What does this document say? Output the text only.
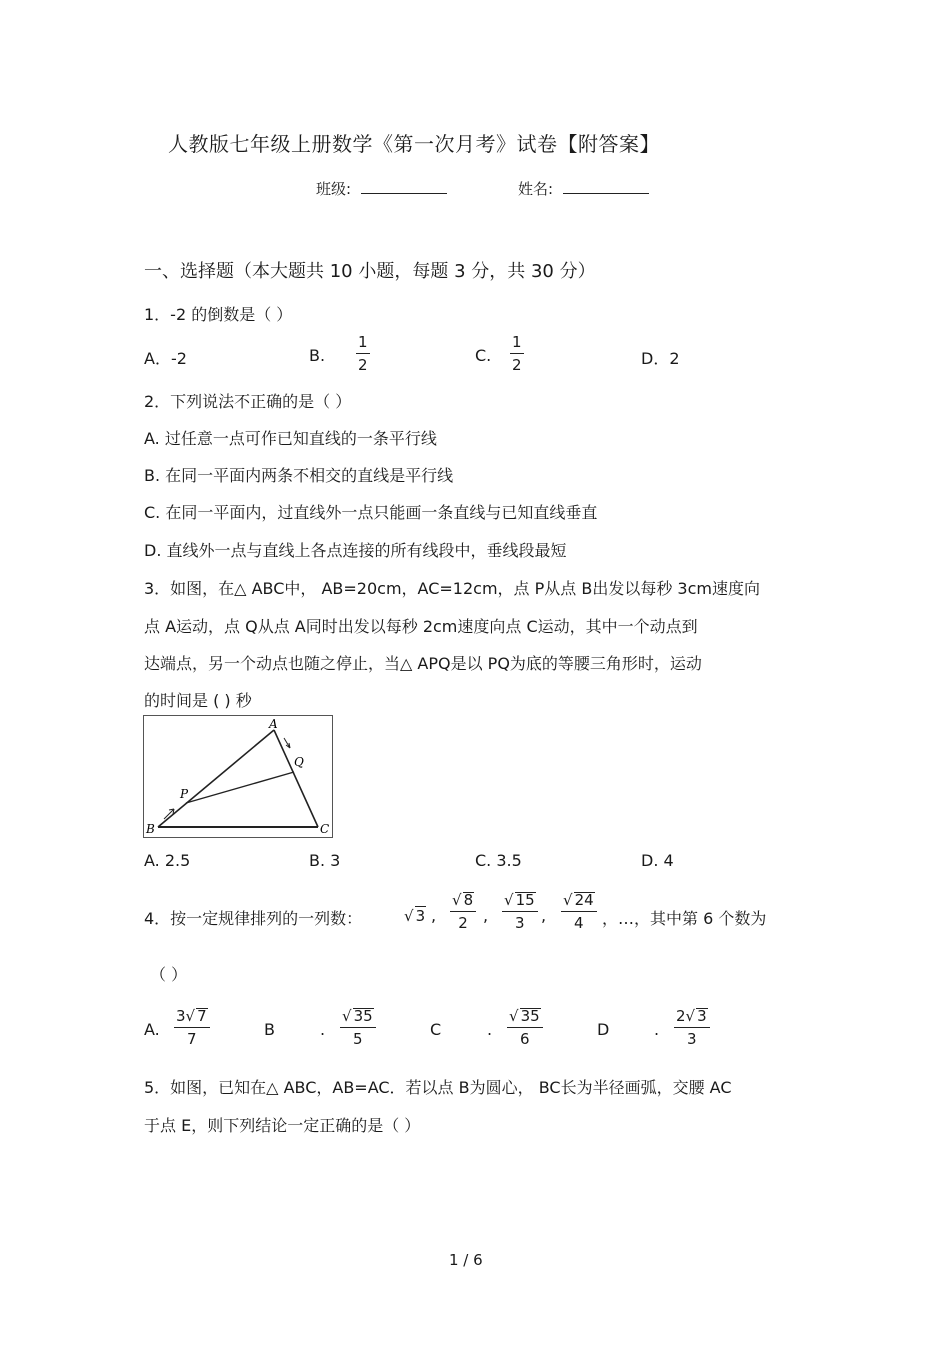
人教版七年级上册数学《第一次月考》试卷【附答案】
班级:	姓名:
一、选择题（本大题共 10 小题，每题 3 分，共 30 分）
1．-2 的倒数是（ ）
A．-2	B. $\frac{1}{2}$	C. $\frac{1}{2}$	D．2
2．下列说法不正确的是（ ）
A. 过任意一点可作已知直线的一条平行线
B. 在同一平面内两条不相交的直线是平行线
C. 在同一平面内，过直线外一点只能画一条直线与已知直线垂直
D. 直线外一点与直线上各点连接的所有线段中，垂线段最短
3．如图，在△ ABC中， AB=20cm，AC=12cm，点 P从点 B出发以每秒 3cm速度向
点 A运动，点 Q从点 A同时出发以每秒 2cm速度向点 C运动，其中一个动点到
达端点，另一个动点也随之停止，当△ APQ是以 PQ为底的等腰三角形时，运动
的时间是 ( ) 秒
A
B	C
P
Q
A. 2.5	B. 3	C. 3.5	D. 4
4．按一定规律排列的一列数：	√ 3 , $\frac{√ 8}{2}$ , $\frac{√ 15}{3}$ , $\frac{√ 24}{4}$ ，…，其中第 6 个数为
（ ）
A. $\frac{3√ 7}{7}$	B	. $\frac{√ 35}{5}$	C	. $\frac{√ 35}{6}$	D	. $\frac{2√ 3}{3}$
5．如图，已知在△ ABC，AB=AC．若以点 B为圆心， BC长为半径画弧，交腰 AC
于点 E，则下列结论一定正确的是（ ）
1 / 6
